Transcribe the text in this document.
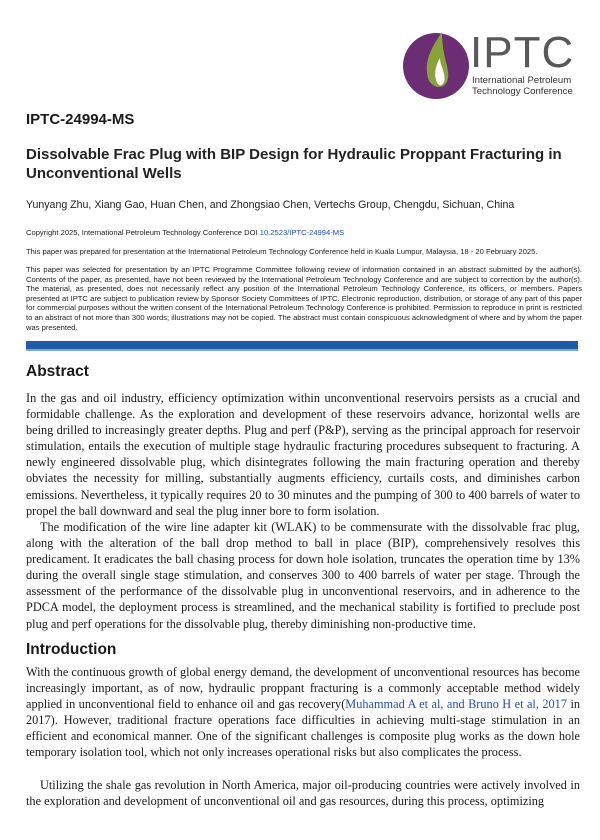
IPTC
International Petroleum
Technology Conference
IPTC-24994-MS
Dissolvable Frac Plug with BIP Design for Hydraulic Proppant Fracturing in Unconventional Wells
Yunyang Zhu, Xiang Gao, Huan Chen, and Zhongsiao Chen, Vertechs Group, Chengdu, Sichuan, China
Copyright 2025, International Petroleum Technology Conference DOI 10.2523/IPTC-24994-MS
This paper was prepared for presentation at the International Petroleum Technology Conference held in Kuala Lumpur, Malaysia, 18 - 20 February 2025.
This paper was selected for presentation by an IPTC Programme Committee following review of information contained in an abstract submitted by the author(s). Contents of the paper, as presented, have not been reviewed by the International Petroleum Technology Conference and are subject to correction by the author(s). The material, as presented, does not necessarily reflect any position of the International Petroleum Technology Conference, its officers, or members. Papers presented at IPTC are subject to publication review by Sponsor Society Committees of IPTC. Electronic reproduction, distribution, or storage of any part of this paper for commercial purposes without the written consent of the International Petroleum Technology Conference is prohibited. Permission to reproduce in print is restricted to an abstract of not more than 300 words; illustrations may not be copied. The abstract must contain conspicuous acknowledgment of where and by whom the paper was presented.
Abstract
In the gas and oil industry, efficiency optimization within unconventional reservoirs persists as a crucial and formidable challenge. As the exploration and development of these reservoirs advance, horizontal wells are being drilled to increasingly greater depths. Plug and perf (P&P), serving as the principal approach for reservoir stimulation, entails the execution of multiple stage hydraulic fracturing procedures subsequent to fracturing. A newly engineered dissolvable plug, which disintegrates following the main fracturing operation and thereby obviates the necessity for milling, substantially augments efficiency, curtails costs, and diminishes carbon emissions. Nevertheless, it typically requires 20 to 30 minutes and the pumping of 300 to 400 barrels of water to propel the ball downward and seal the plug inner bore to form isolation.
The modification of the wire line adapter kit (WLAK) to be commensurate with the dissolvable frac plug, along with the alteration of the ball drop method to ball in place (BIP), comprehensively resolves this predicament. It eradicates the ball chasing process for down hole isolation, truncates the operation time by 13% during the overall single stage stimulation, and conserves 300 to 400 barrels of water per stage. Through the assessment of the performance of the dissolvable plug in unconventional reservoirs, and in adherence to the PDCA model, the deployment process is streamlined, and the mechanical stability is fortified to preclude post plug and perf operations for the dissolvable plug, thereby diminishing non-productive time.
Introduction
With the continuous growth of global energy demand, the development of unconventional resources has become increasingly important, as of now, hydraulic proppant fracturing is a commonly acceptable method widely applied in unconventional field to enhance oil and gas recovery(Muhammad A et al, and Bruno H et al, 2017 in 2017). However, traditional fracture operations face difficulties in achieving multi-stage stimulation in an efficient and economical manner. One of the significant challenges is composite plug works as the down hole temporary isolation tool, which not only increases operational risks but also complicates the process.
Utilizing the shale gas revolution in North America, major oil-producing countries were actively involved in the exploration and development of unconventional oil and gas resources, during this process, optimizing
